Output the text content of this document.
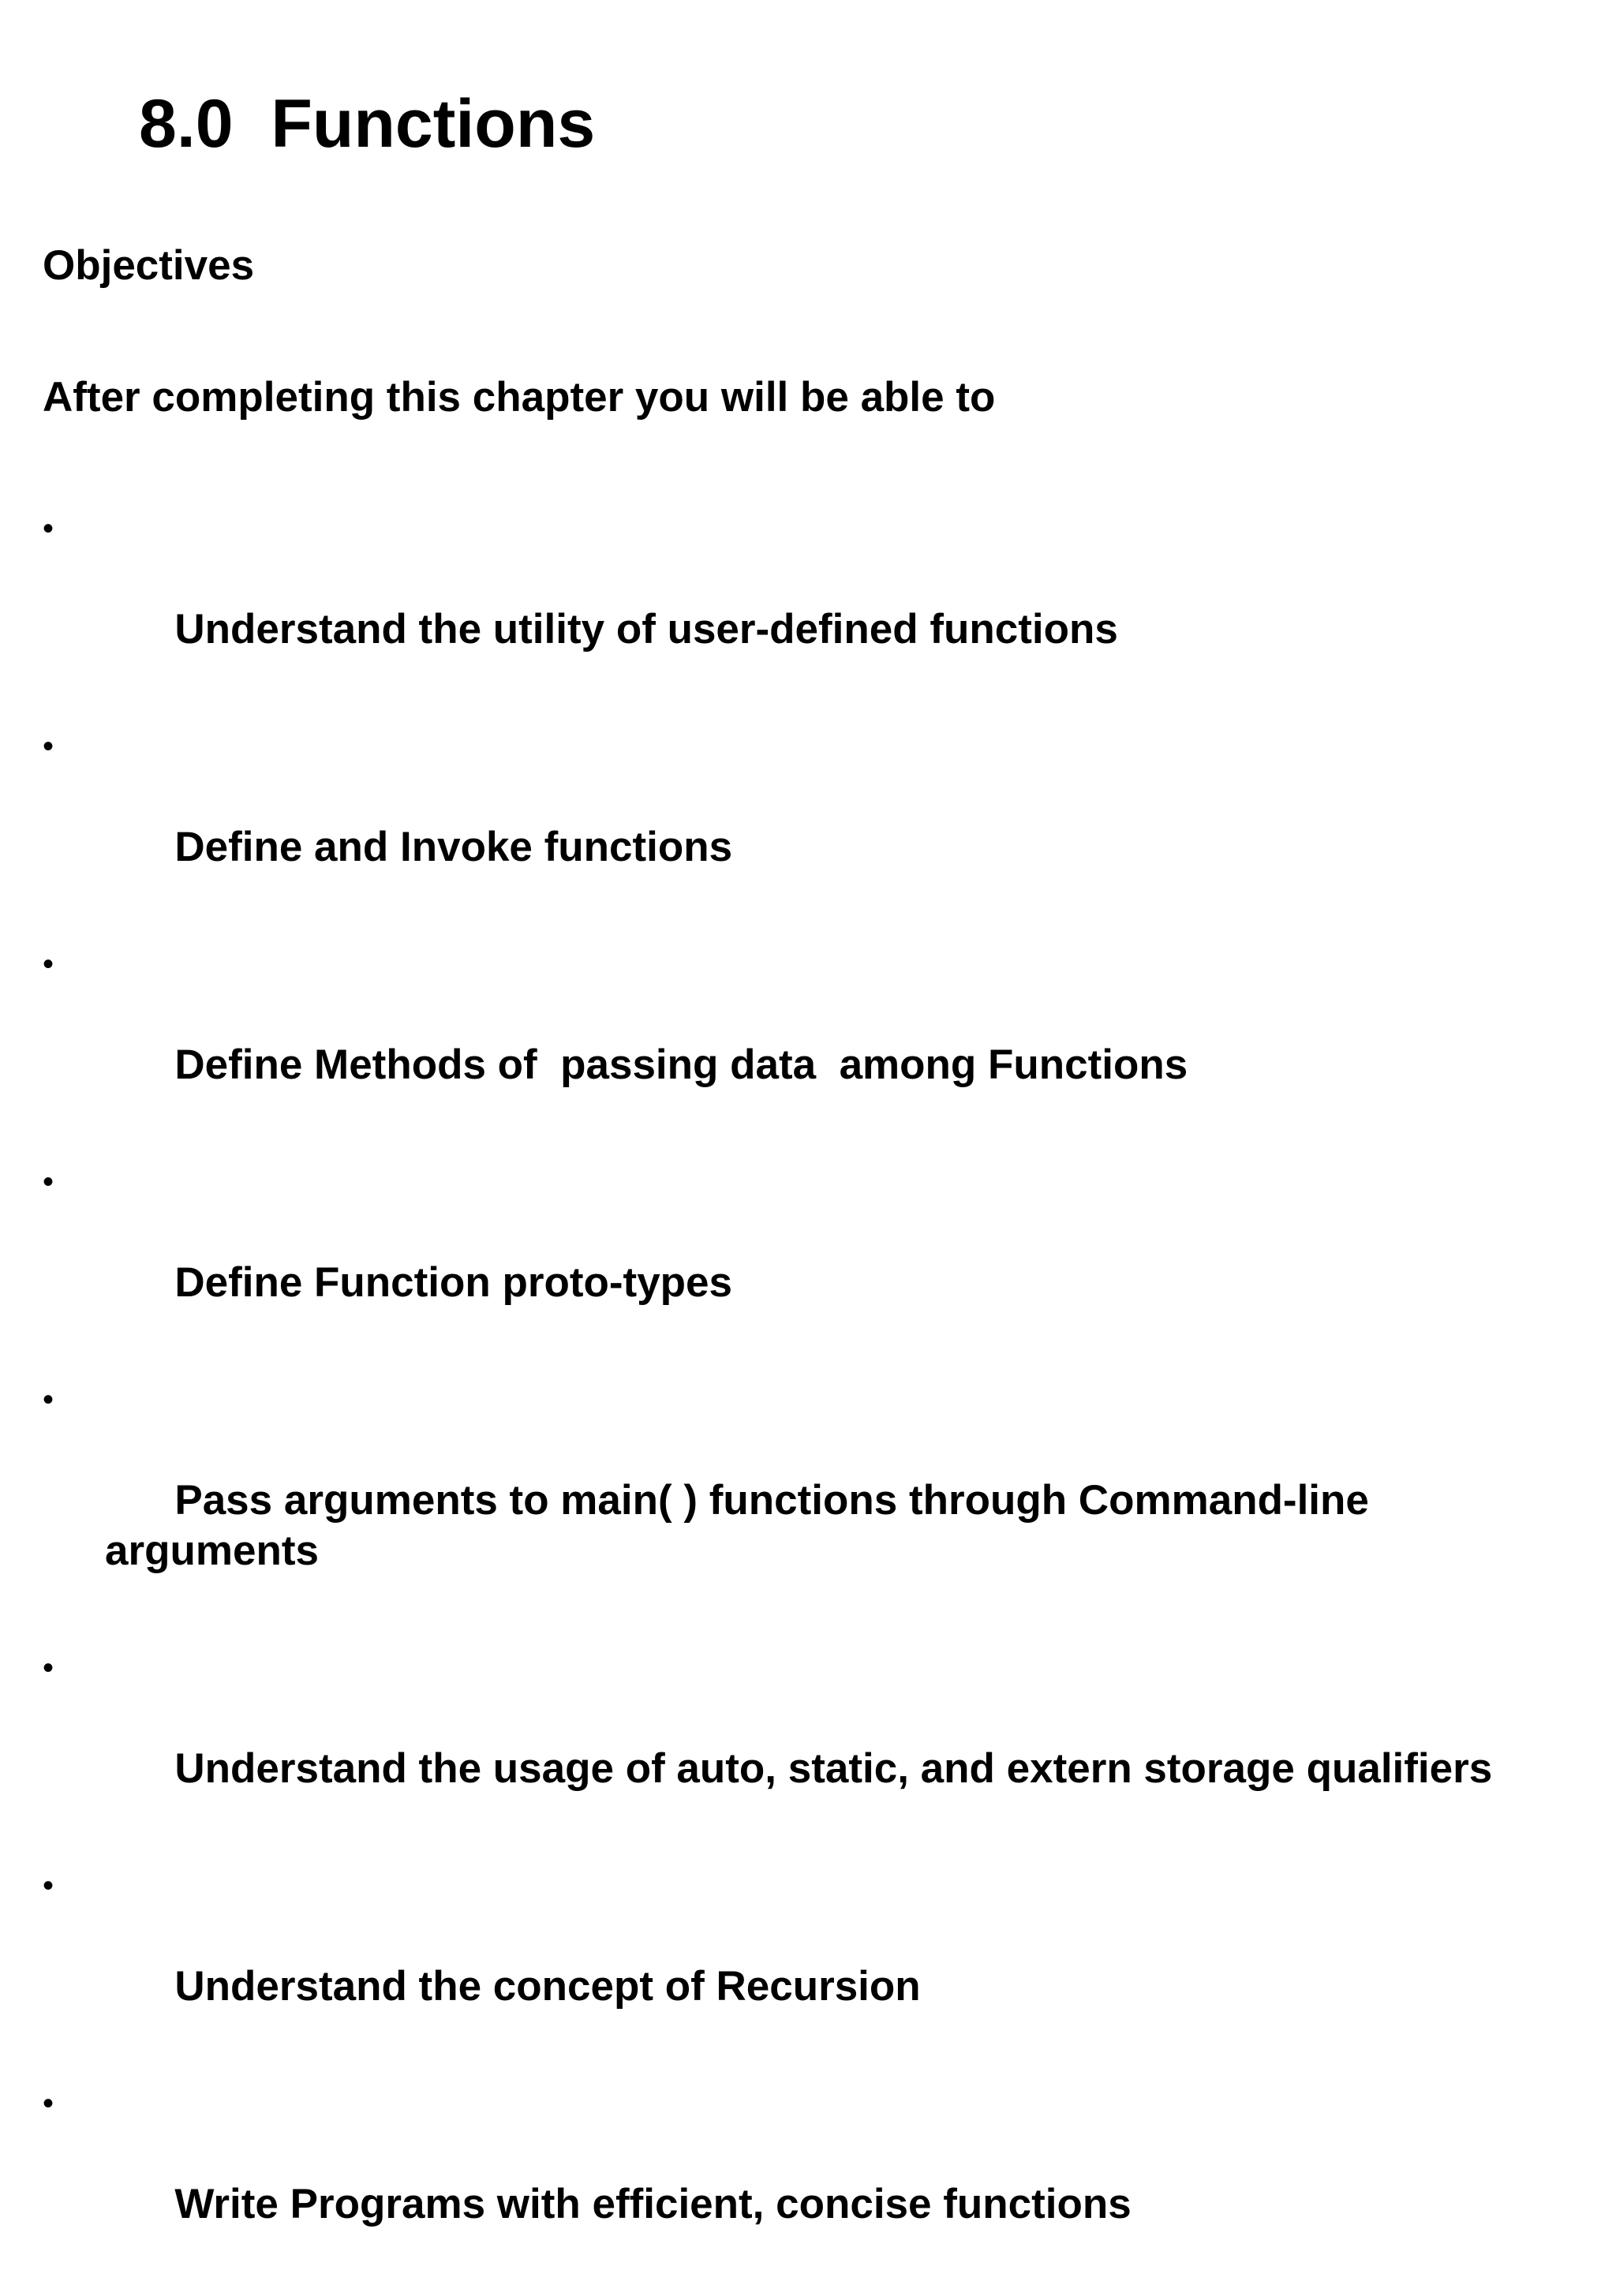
8.0  Functions
Objectives

After completing this chapter you will be able to

•

Understand the utility of user-defined functions

•

Define and Invoke functions

•

Define Methods of  passing data  among Functions

•

Define Function proto-types

•

Pass arguments to main( ) functions through Command-line arguments

•

Understand the usage of auto, static, and extern storage qualifiers

•

Understand the concept of Recursion

•

Write Programs with efficient, concise functions
